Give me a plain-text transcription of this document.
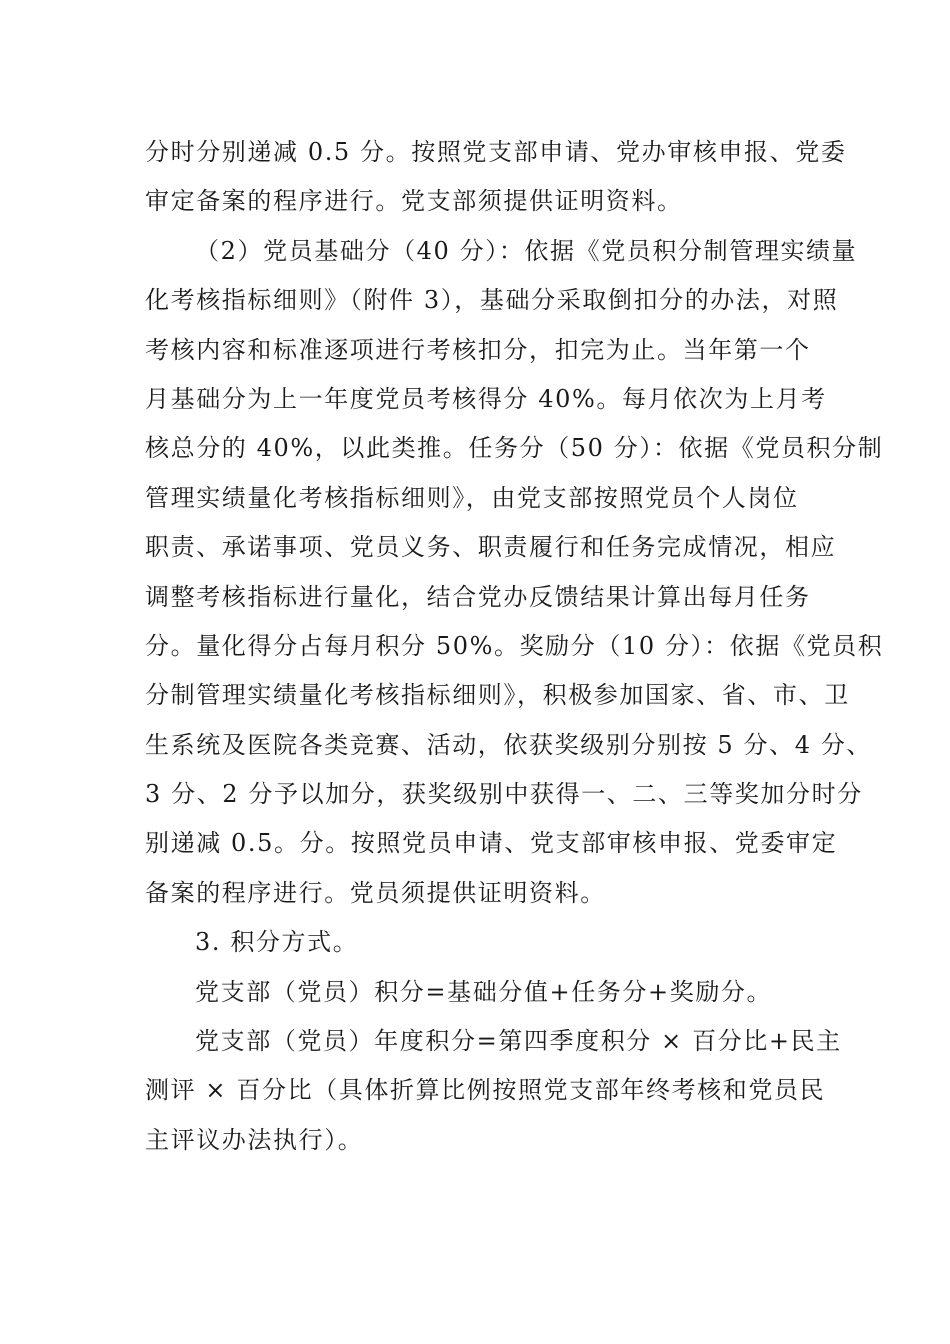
分时分别递减 0.5 分。按照党支部申请、党办审核申报、党委
审定备案的程序进行。党支部须提供证明资料。
（2）党员基础分（40 分）：依据《党员积分制管理实绩量
化考核指标细则》（附件 3），基础分采取倒扣分的办法，对照
考核内容和标准逐项进行考核扣分，扣完为止。当年第一个
月基础分为上一年度党员考核得分 40%。每月依次为上月考
核总分的 40%，以此类推。任务分（50 分）：依据《党员积分制
管理实绩量化考核指标细则》，由党支部按照党员个人岗位
职责、承诺事项、党员义务、职责履行和任务完成情况，相应
调整考核指标进行量化，结合党办反馈结果计算出每月任务
分。量化得分占每月积分 50%。奖励分（10 分）：依据《党员积
分制管理实绩量化考核指标细则》，积极参加国家、省、市、卫
生系统及医院各类竞赛、活动，依获奖级别分别按 5 分、4 分、
3 分、2 分予以加分，获奖级别中获得一、二、三等奖加分时分
别递减 0.5。分。按照党员申请、党支部审核申报、党委审定
备案的程序进行。党员须提供证明资料。
3. 积分方式。
党支部（党员）积分=基础分值+任务分+奖励分。
党支部（党员）年度积分=第四季度积分 × 百分比+民主
测评 × 百分比（具体折算比例按照党支部年终考核和党员民
主评议办法执行）。
